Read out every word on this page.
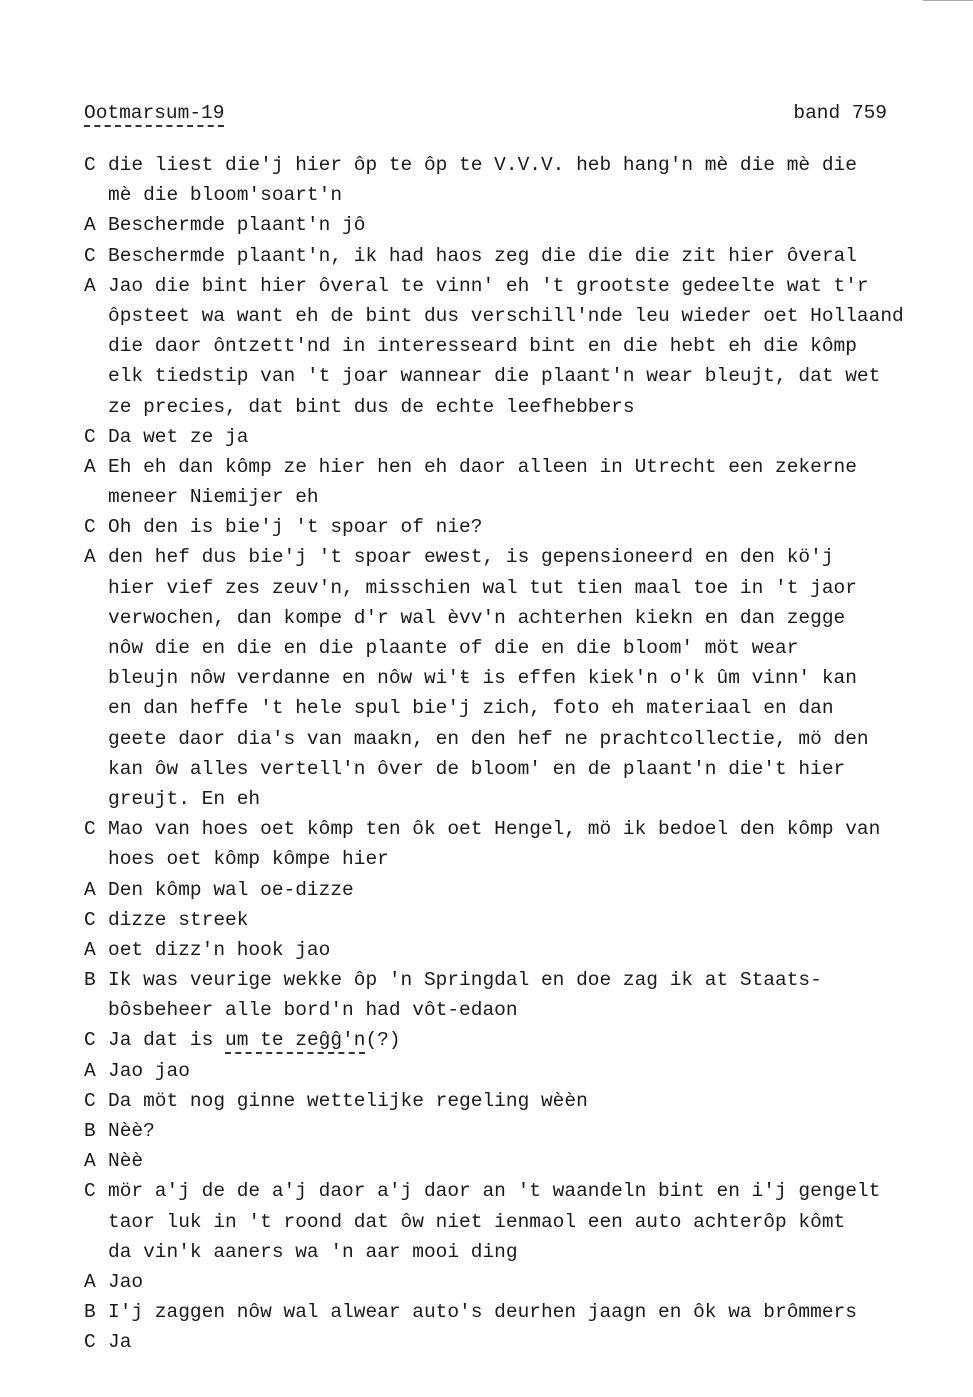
Ootmarsum-19	band 759
C die liest die'j hier ôp te ôp te V.V.V. heb hang'n mè die mè die
mè die bloom'soart'n
A Beschermde plaant'n jô
C Beschermde plaant'n, ik had haos zeg die die die zit hier ôveral
A Jao die bint hier ôveral te vinn' eh 't grootste gedeelte wat t'r
ôpsteet wa want eh de bint dus verschill'nde leu wieder oet Hollaand
die daor ôntzett'nd in interesseard bint en die hebt eh die kômp
elk tiedstip van 't joar wannear die plaant'n wear bleujt, dat wet
ze precies, dat bint dus de echte leefhebbers
C Da wet ze ja
A Eh eh dan kômp ze hier hen eh daor alleen in Utrecht een zekerne
meneer Niemijer eh
C Oh den is bie'j 't spoar of nie?
A den hef dus bie'j 't spoar ewest, is gepensioneerd en den kö'j
hier vief zes zeuv'n, misschien wal tut tien maal toe in 't jaor
verwochen, dan kompe d'r wal èvv'n achterhen kiekn en dan zegge
nôw die en die en die plaante of die en die bloom' möt wear
bleujn nôw verdanne en nôw wi'ŧ is effen kiek'n o'k ûm vinn' kan
en dan heffe 't hele spul bie'j zich, foto eh materiaal en dan
geete daor dia's van maakn, en den hef ne prachtcollectie, mö den
kan ôw alles vertell'n ôver de bloom' en de plaant'n die't hier
greujt. En eh
C Mao van hoes oet kômp ten ôk oet Hengel, mö ik bedoel den kômp van
hoes oet kômp kômpe hier
A Den kômp wal oe-dizze
C dizze streek
A oet dizz'n hook jao
B Ik was veurige wekke ôp 'n Springdal en doe zag ik at Staats-
bôsbeheer alle bord'n had vôt-edaon
C Ja dat is um te zeĝĝ'n(?)
A Jao jao
C Da möt nog ginne wettelijke regeling wèèn
B Nèè?
A Nèè
C mör a'j de de a'j daor a'j daor an 't waandeln bint en i'j gengelt
taor luk in 't roond dat ôw niet ienmaol een auto achterôp kômt
da vin'k aaners wa 'n aar mooi ding
A Jao
B I'j zaggen nôw wal alwear auto's deurhen jaagn en ôk wa brômmers
C Ja
